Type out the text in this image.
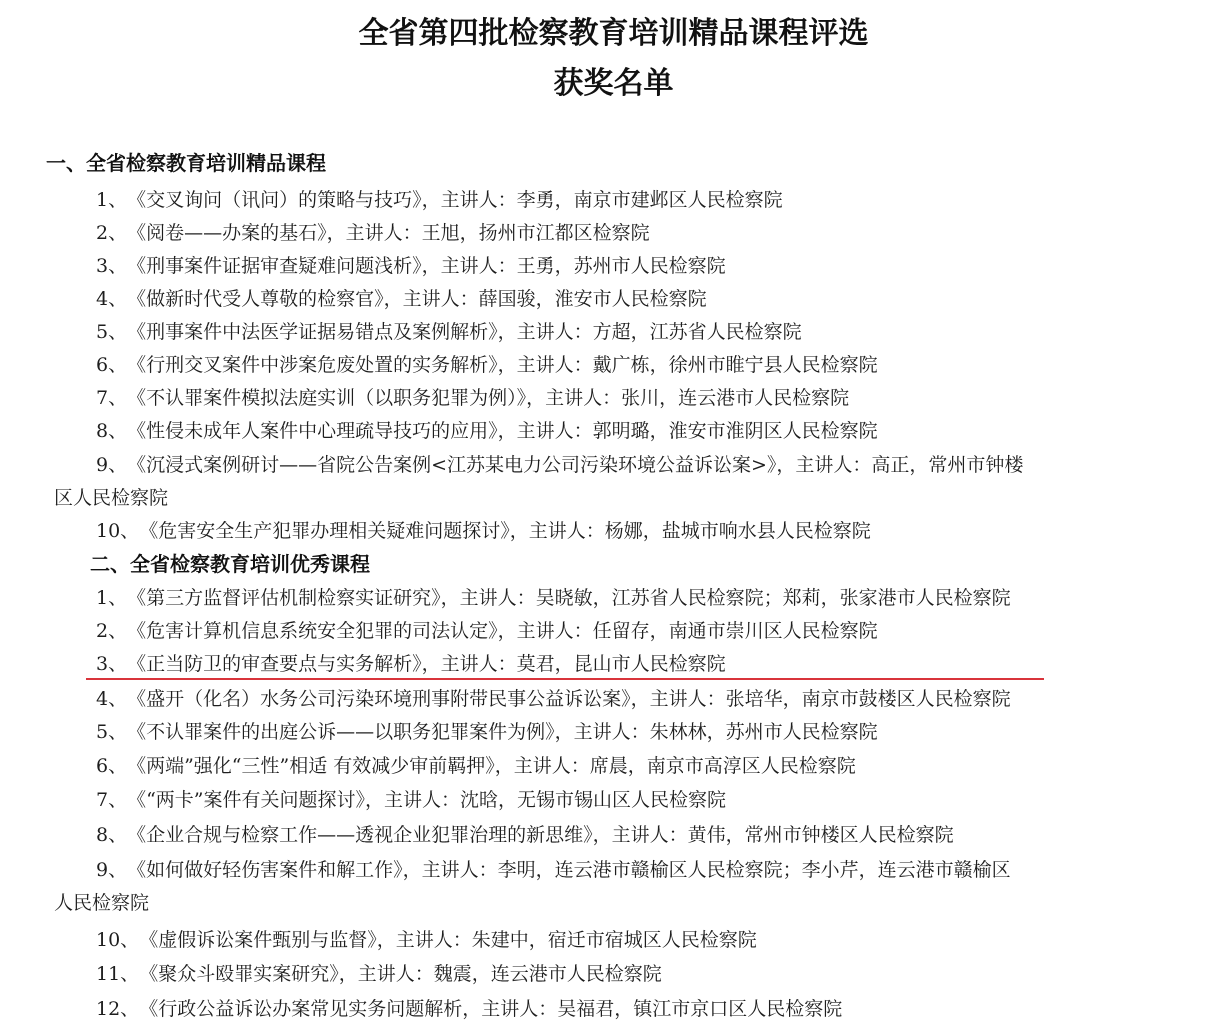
全省第四批检察教育培训精品课程评选
获奖名单
一、全省检察教育培训精品课程
1、《交叉询问（讯问）的策略与技巧》，主讲人：李勇，南京市建邺区人民检察院
2、《阅卷——办案的基石》，主讲人：王旭，扬州市江都区检察院
3、《刑事案件证据审查疑难问题浅析》，主讲人：王勇，苏州市人民检察院
4、《做新时代受人尊敬的检察官》，主讲人：薛国骏，淮安市人民检察院
5、《刑事案件中法医学证据易错点及案例解析》，主讲人：方超，江苏省人民检察院
6、《行刑交叉案件中涉案危废处置的实务解析》，主讲人：戴广栋，徐州市睢宁县人民检察院
7、《不认罪案件模拟法庭实训（以职务犯罪为例）》，主讲人：张川，连云港市人民检察院
8、《性侵未成年人案件中心理疏导技巧的应用》，主讲人：郭明璐，淮安市淮阴区人民检察院
9、《沉浸式案例研讨——省院公告案例<江苏某电力公司污染环境公益诉讼案>》，主讲人：高正，常州市钟楼
区人民检察院
10、《危害安全生产犯罪办理相关疑难问题探讨》，主讲人：杨娜，盐城市响水县人民检察院
二、全省检察教育培训优秀课程
1、《第三方监督评估机制检察实证研究》，主讲人：吴晓敏，江苏省人民检察院；郑莉，张家港市人民检察院
2、《危害计算机信息系统安全犯罪的司法认定》，主讲人：任留存，南通市崇川区人民检察院
3、《正当防卫的审查要点与实务解析》，主讲人：莫君，昆山市人民检察院
4、《盛开（化名）水务公司污染环境刑事附带民事公益诉讼案》，主讲人：张培华，南京市鼓楼区人民检察院
5、《不认罪案件的出庭公诉——以职务犯罪案件为例》，主讲人：朱林林，苏州市人民检察院
6、《两端”强化“三性”相适 有效减少审前羁押》，主讲人：席晨，南京市高淳区人民检察院
7、《“两卡”案件有关问题探讨》，主讲人：沈晗，无锡市锡山区人民检察院
8、《企业合规与检察工作——透视企业犯罪治理的新思维》，主讲人：黄伟，常州市钟楼区人民检察院
9、《如何做好轻伤害案件和解工作》，主讲人：李明，连云港市赣榆区人民检察院；李小芹，连云港市赣榆区
人民检察院
10、《虚假诉讼案件甄别与监督》，主讲人：朱建中，宿迁市宿城区人民检察院
11、《聚众斗殴罪实案研究》，主讲人：魏震，连云港市人民检察院
12、《行政公益诉讼办案常见实务问题解析，主讲人：吴福君，镇江市京口区人民检察院
